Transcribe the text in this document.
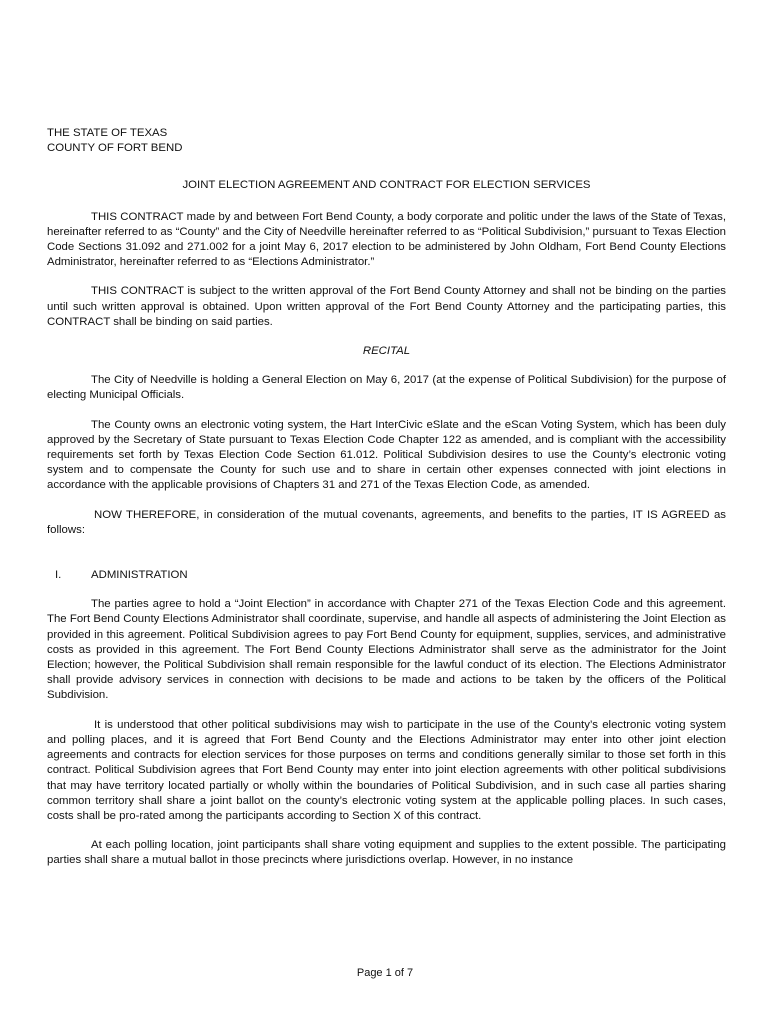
THE STATE OF TEXAS

COUNTY OF FORT BEND

JOINT ELECTION AGREEMENT AND CONTRACT FOR ELECTION SERVICES

THIS CONTRACT made by and between Fort Bend County, a body corporate and politic under the laws of the State of Texas, hereinafter referred to as “County” and the City of Needville hereinafter referred to as “Political Subdivision,” pursuant to Texas Election Code Sections 31.092 and 271.002 for a joint May 6, 2017 election to be administered by John Oldham, Fort Bend County Elections Administrator, hereinafter referred to as “Elections Administrator.”

THIS CONTRACT is subject to the written approval of the Fort Bend County Attorney and shall not be binding on the parties until such written approval is obtained. Upon written approval of the Fort Bend County Attorney and the participating parties, this CONTRACT shall be binding on said parties.

RECITAL

The City of Needville is holding a General Election on May 6, 2017 (at the expense of Political Subdivision) for the purpose of electing Municipal Officials.

The County owns an electronic voting system, the Hart InterCivic eSlate and the eScan Voting System, which has been duly approved by the Secretary of State pursuant to Texas Election Code Chapter 122 as amended, and is compliant with the accessibility requirements set forth by Texas Election Code Section 61.012. Political Subdivision desires to use the County’s electronic voting system and to compensate the County for such use and to share in certain other expenses connected with joint elections in accordance with the applicable provisions of Chapters 31 and 271 of the Texas Election Code, as amended.

NOW THEREFORE, in consideration of the mutual covenants, agreements, and benefits to the parties, IT IS AGREED as follows:

I.	ADMINISTRATION

The parties agree to hold a “Joint Election” in accordance with Chapter 271 of the Texas Election Code and this agreement. The Fort Bend County Elections Administrator shall coordinate, supervise, and handle all aspects of administering the Joint Election as provided in this agreement. Political Subdivision agrees to pay Fort Bend County for equipment, supplies, services, and administrative costs as provided in this agreement. The Fort Bend County Elections Administrator shall serve as the administrator for the Joint Election; however, the Political Subdivision shall remain responsible for the lawful conduct of its election. The Elections Administrator shall provide advisory services in connection with decisions to be made and actions to be taken by the officers of the Political Subdivision.

It is understood that other political subdivisions may wish to participate in the use of the County’s electronic voting system and polling places, and it is agreed that Fort Bend County and the Elections Administrator may enter into other joint election agreements and contracts for election services for those purposes on terms and conditions generally similar to those set forth in this contract. Political Subdivision agrees that Fort Bend County may enter into joint election agreements with other political subdivisions that may have territory located partially or wholly within the boundaries of Political Subdivision, and in such case all parties sharing common territory shall share a joint ballot on the county’s electronic voting system at the applicable polling places. In such cases, costs shall be pro-rated among the participants according to Section X of this contract.

At each polling location, joint participants shall share voting equipment and supplies to the extent possible. The participating parties shall share a mutual ballot in those precincts where jurisdictions overlap. However, in no instance

Page 1 of 7
